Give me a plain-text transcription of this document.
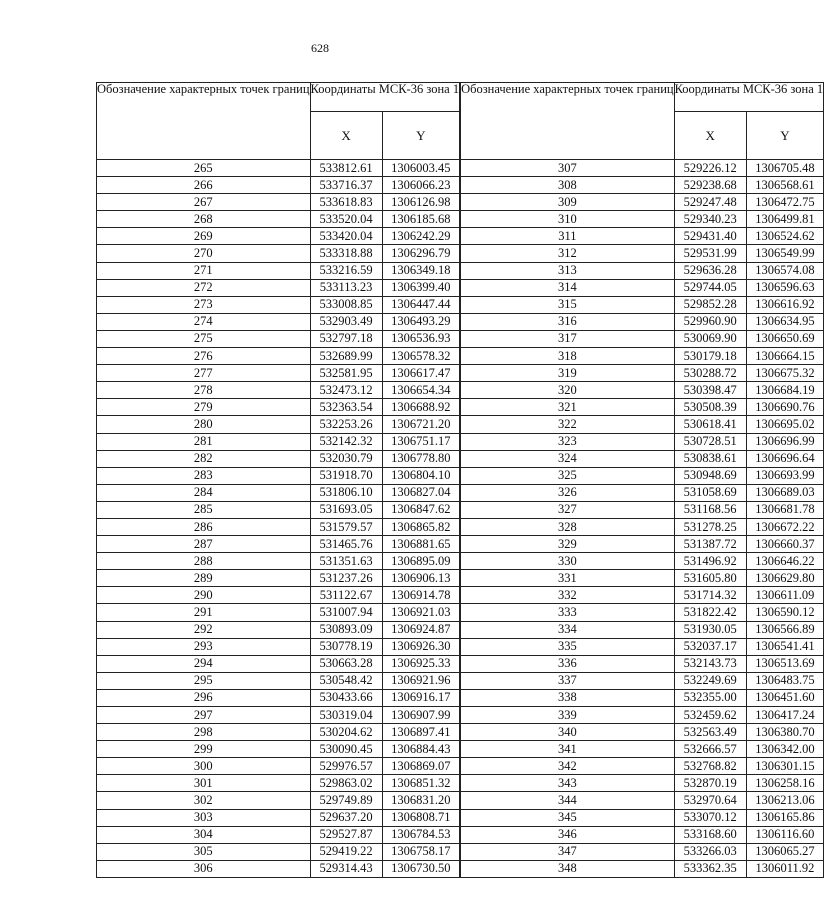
628
Обозначение характерных точек границ	Координаты МСК-36 зона 1		Обозначение характерных точек границ	Координаты МСК-36 зона 1	
	X	Y		X	Y
265	533812.61	1306003.45		307	529226.12	1306705.48
266	533716.37	1306066.23		308	529238.68	1306568.61
267	533618.83	1306126.98		309	529247.48	1306472.75
268	533520.04	1306185.68		310	529340.23	1306499.81
269	533420.04	1306242.29		311	529431.40	1306524.62
270	533318.88	1306296.79		312	529531.99	1306549.99
271	533216.59	1306349.18		313	529636.28	1306574.08
272	533113.23	1306399.40		314	529744.05	1306596.63
273	533008.85	1306447.44		315	529852.28	1306616.92
274	532903.49	1306493.29		316	529960.90	1306634.95
275	532797.18	1306536.93		317	530069.90	1306650.69
276	532689.99	1306578.32		318	530179.18	1306664.15
277	532581.95	1306617.47		319	530288.72	1306675.32
278	532473.12	1306654.34		320	530398.47	1306684.19
279	532363.54	1306688.92		321	530508.39	1306690.76
280	532253.26	1306721.20		322	530618.41	1306695.02
281	532142.32	1306751.17		323	530728.51	1306696.99
282	532030.79	1306778.80		324	530838.61	1306696.64
283	531918.70	1306804.10		325	530948.69	1306693.99
284	531806.10	1306827.04		326	531058.69	1306689.03
285	531693.05	1306847.62		327	531168.56	1306681.78
286	531579.57	1306865.82		328	531278.25	1306672.22
287	531465.76	1306881.65		329	531387.72	1306660.37
288	531351.63	1306895.09		330	531496.92	1306646.22
289	531237.26	1306906.13		331	531605.80	1306629.80
290	531122.67	1306914.78		332	531714.32	1306611.09
291	531007.94	1306921.03		333	531822.42	1306590.12
292	530893.09	1306924.87		334	531930.05	1306566.89
293	530778.19	1306926.30		335	532037.17	1306541.41
294	530663.28	1306925.33		336	532143.73	1306513.69
295	530548.42	1306921.96		337	532249.69	1306483.75
296	530433.66	1306916.17		338	532355.00	1306451.60
297	530319.04	1306907.99		339	532459.62	1306417.24
298	530204.62	1306897.41		340	532563.49	1306380.70
299	530090.45	1306884.43		341	532666.57	1306342.00
300	529976.57	1306869.07		342	532768.82	1306301.15
301	529863.02	1306851.32		343	532870.19	1306258.16
302	529749.89	1306831.20		344	532970.64	1306213.06
303	529637.20	1306808.71		345	533070.12	1306165.86
304	529527.87	1306784.53		346	533168.60	1306116.60
305	529419.22	1306758.17		347	533266.03	1306065.27
306	529314.43	1306730.50		348	533362.35	1306011.92
